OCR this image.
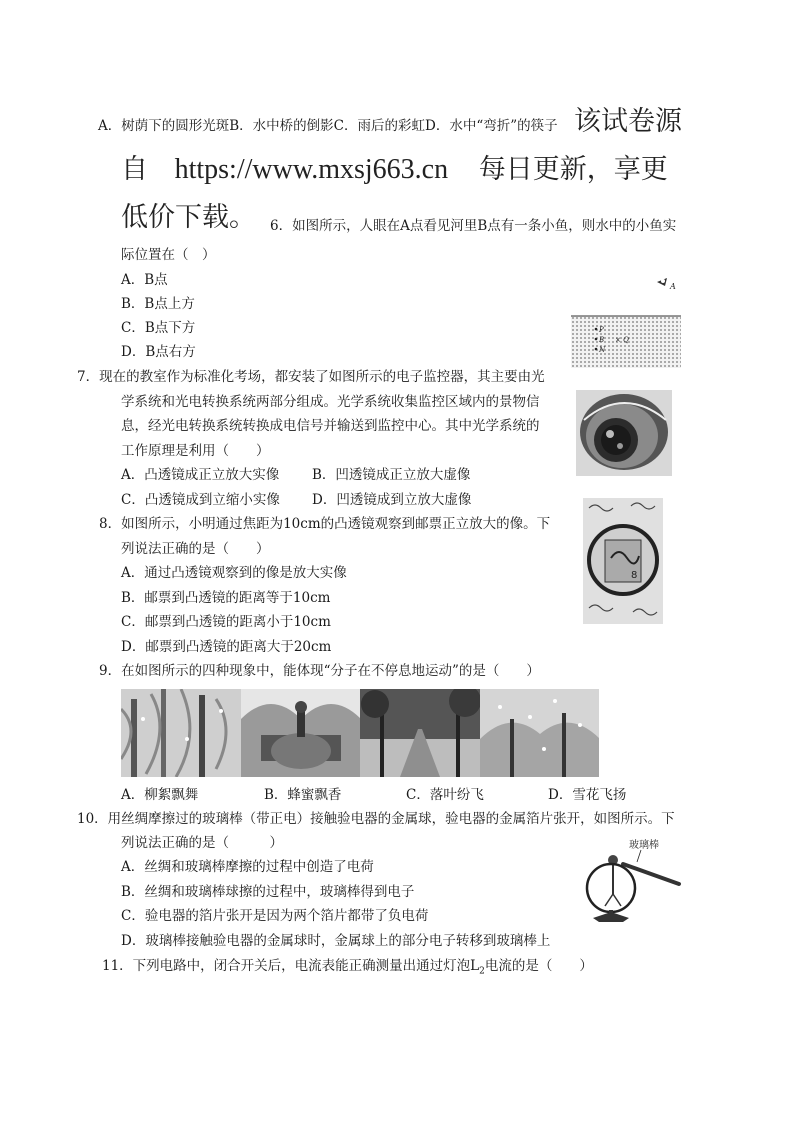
A．树荫下的圆形光斑B．水中桥的倒影C．雨后的彩虹D．水中“弯折”的筷子 该试卷源
自 https://www.mxsj663.cn 每日更新，享更
低价下载。 6．如图所示，人眼在A点看见河里B点有一条小鱼，则水中的小鱼实
际位置在（　）
A．B点
B．B点上方
C．B点下方
D．B点右方
A
P
B
N
× Q
7．现在的教室作为标准化考场，都安装了如图所示的电子监控器，其主要由光
学系统和光电转换系统两部分组成。光学系统收集监控区域内的景物信
息，经光电转换系统转换成电信号并输送到监控中心。其中光学系统的
工作原理是利用（　　）
A．凸透镜成正立放大实像 B．凹透镜成正立放大虚像
C．凸透镜成到立缩小实像 D．凹透镜成到立放大虚像
8．如图所示，小明通过焦距为10cm的凸透镜观察到邮票正立放大的像。下
列说法正确的是（　　）
A．通过凸透镜观察到的像是放大实像
B．邮票到凸透镜的距离等于10cm
C．邮票到凸透镜的距离小于10cm
D．邮票到凸透镜的距离大于20cm
8
9．在如图所示的四种现象中，能体现“分子在不停息地运动”的是（　　）
A．柳絮飘舞	B．蜂蜜飘香	C．落叶纷飞	D．雪花飞扬
10．用丝绸摩擦过的玻璃棒（带正电）接触验电器的金属球，验电器的金属箔片张开，如图所示。下
列说法正确的是（　　　）
A．丝绸和玻璃棒摩擦的过程中创造了电荷
B．丝绸和玻璃棒球擦的过程中，玻璃棒得到电子
C．验电器的箔片张开是因为两个箔片都带了负电荷
D．玻璃棒接触验电器的金属球时，金属球上的部分电子转移到玻璃棒上
玻璃棒
11．下列电路中，闭合开关后，电流表能正确测量出通过灯泡$L_2$电流的是（　　）
